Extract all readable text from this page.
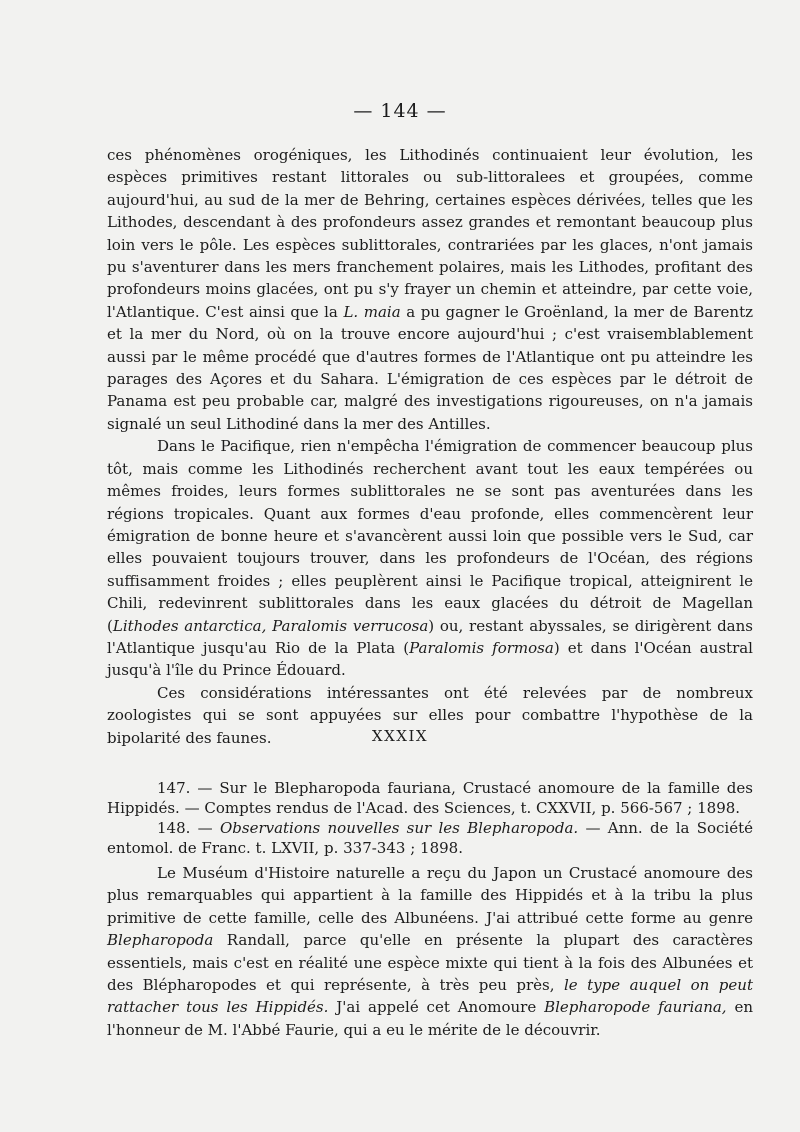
— 144 —

ces phénomènes orogéniques, les Lithodinés continuaient leur évolution, les espèces primitives restant littorales ou sub-littoralees et groupées, comme aujourd'hui, au sud de la mer de Behring, certaines espèces dérivées, telles que les Lithodes, descendant à des profondeurs assez grandes et remontant beaucoup plus loin vers le pôle. Les espèces sublittorales, contrariées par les glaces, n'ont jamais pu s'aventurer dans les mers franchement polaires, mais les Lithodes, profitant des profondeurs moins glacées, ont pu s'y frayer un chemin et atteindre, par cette voie, l'Atlantique. C'est ainsi que la L. maia a pu gagner le Groënland, la mer de Barentz et la mer du Nord, où on la trouve encore aujourd'hui ; c'est vraisemblablement aussi par le même procédé que d'autres formes de l'Atlantique ont pu atteindre les parages des Açores et du Sahara. L'émigration de ces espèces par le détroit de Panama est peu probable car, malgré des investigations rigoureuses, on n'a jamais signalé un seul Lithodiné dans la mer des Antilles.

Dans le Pacifique, rien n'empêcha l'émigration de commencer beaucoup plus tôt, mais comme les Lithodinés recherchent avant tout les eaux tempérées ou mêmes froides, leurs formes sublittorales ne se sont pas aventurées dans les régions tropicales. Quant aux formes d'eau profonde, elles commencèrent leur émigration de bonne heure et s'avancèrent aussi loin que possible vers le Sud, car elles pouvaient toujours trouver, dans les profondeurs de l'Océan, des régions suffisamment froides ; elles peuplèrent ainsi le Pacifique tropical, atteignirent le Chili, redevinrent sublittorales dans les eaux glacées du détroit de Magellan (Lithodes antarctica, Paralomis verrucosa) ou, restant abyssales, se dirigèrent dans l'Atlantique jusqu'au Rio de la Plata (Paralomis formosa) et dans l'Océan austral jusqu'à l'île du Prince Édouard.

Ces considérations intéressantes ont été relevées par de nombreux zoologistes qui se sont appuyées sur elles pour combattre l'hypothèse de la bipolarité des faunes.	XXXIX

147. — Sur le Blepharopoda fauriana, Crustacé anomoure de la famille des Hippidés. — Comptes rendus de l'Acad. des Sciences, t. CXXVII, p. 566-567 ; 1898.

148. — Observations nouvelles sur les Blepharopoda. — Ann. de la Société entomol. de Franc. t. LXVII, p. 337-343 ; 1898.

Le Muséum d'Histoire naturelle a reçu du Japon un Crustacé anomoure des plus remarquables qui appartient à la famille des Hippidés et à la tribu la plus primitive de cette famille, celle des Albunéens. J'ai attribué cette forme au genre Blepharopoda Randall, parce qu'elle en présente la plupart des caractères essentiels, mais c'est en réalité une espèce mixte qui tient à la fois des Albunées et des Blépharopodes et qui représente, à très peu près, le type auquel on peut rattacher tous les Hippidés. J'ai appelé cet Anomoure Blepharopode fauriana, en l'honneur de M. l'Abbé Faurie, qui a eu le mérite de le découvrir.
